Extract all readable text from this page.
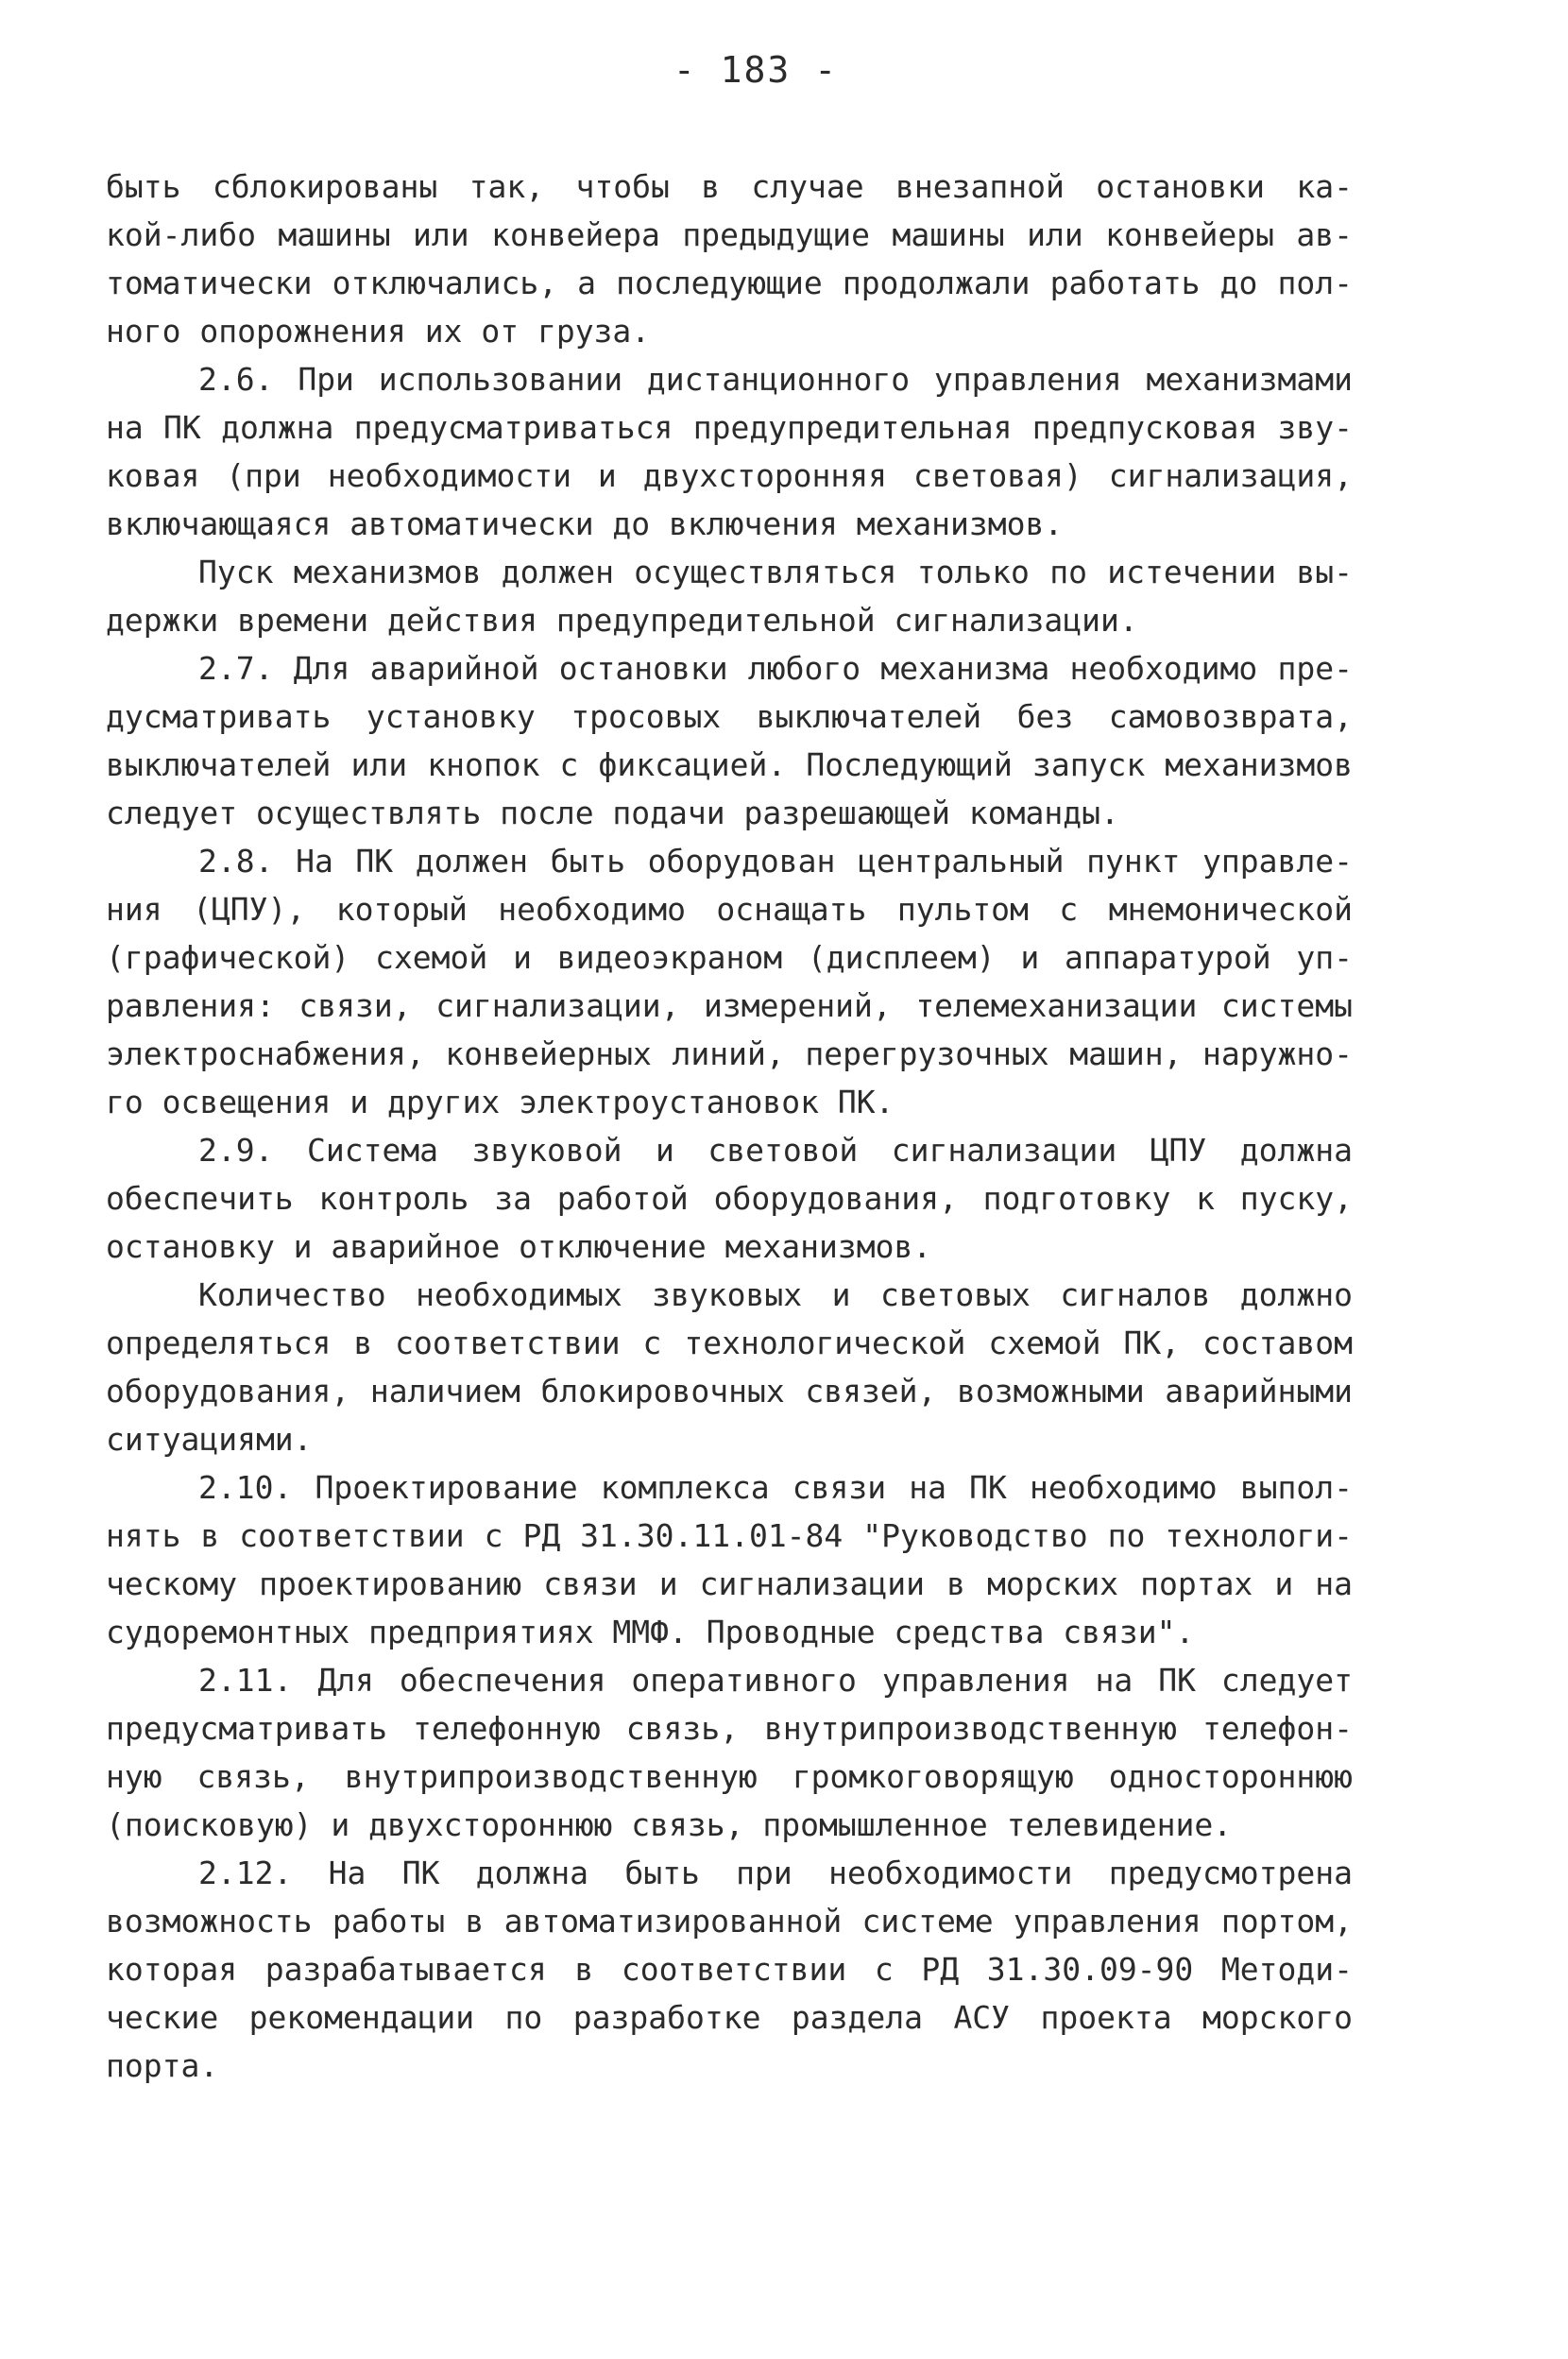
- 183 -
быть сблокированы так, чтобы в случае внезапной остановки ка-
кой-либо машины или конвейера предыдущие машины или конвейеры ав-
томатически отключались, а последующие продолжали работать до пол-
ного опорожнения их от груза.
2.6. При использовании дистанционного управления механизмами
на ПК должна предусматриваться предупредительная предпусковая зву-
ковая (при необходимости и двухсторонняя световая) сигнализация,
включающаяся автоматически до включения механизмов.
Пуск механизмов должен осуществляться только по истечении вы-
держки времени действия предупредительной сигнализации.
2.7. Для аварийной остановки любого механизма необходимо пре-
дусматривать установку тросовых выключателей без самовозврата,
выключателей или кнопок с фиксацией. Последующий запуск механизмов
следует осуществлять после подачи разрешающей команды.
2.8. На ПК должен быть оборудован центральный пункт управле-
ния (ЦПУ), который необходимо оснащать пультом с мнемонической
(графической) схемой и видеоэкраном (дисплеем) и аппаратурой уп-
равления: связи, сигнализации, измерений, телемеханизации системы
электроснабжения, конвейерных линий, перегрузочных машин, наружно-
го освещения и других электроустановок ПК.
2.9. Система звуковой и световой сигнализации ЦПУ должна
обеспечить контроль за работой оборудования, подготовку к пуску,
остановку и аварийное отключение механизмов.
Количество необходимых звуковых и световых сигналов должно
определяться в соответствии с технологической схемой ПК, составом
оборудования, наличием блокировочных связей, возможными аварийными
ситуациями.
2.10. Проектирование комплекса связи на ПК необходимо выпол-
нять в соответствии с РД 31.30.11.01-84 "Руководство по технологи-
ческому проектированию связи и сигнализации в морских портах и на
судоремонтных предприятиях ММФ. Проводные средства связи".
2.11. Для обеспечения оперативного управления на ПК следует
предусматривать телефонную связь, внутрипроизводственную телефон-
ную связь, внутрипроизводственную громкоговорящую одностороннюю
(поисковую) и двухстороннюю связь, промышленное телевидение.
2.12. На ПК должна быть при необходимости предусмотрена
возможность работы в автоматизированной системе управления портом,
которая разрабатывается в соответствии с РД 31.30.09-90 Методи-
ческие рекомендации по разработке раздела АСУ проекта морского
порта.
